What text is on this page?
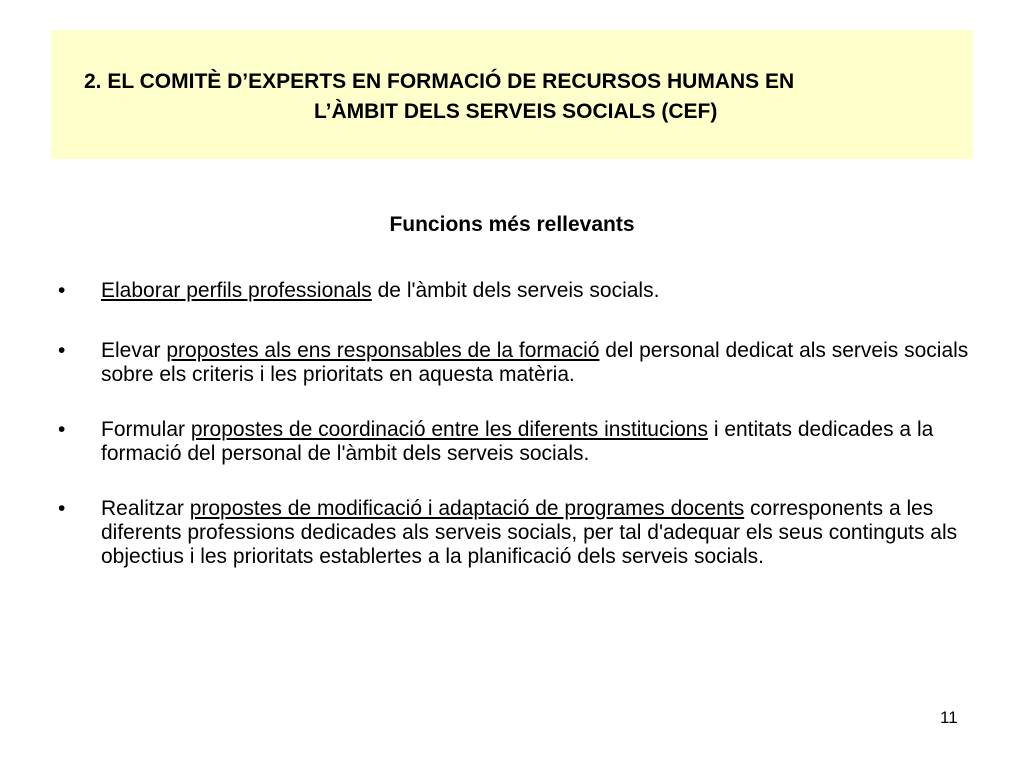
2. EL COMITÈ D’EXPERTS EN FORMACIÓ DE RECURSOS HUMANS EN
L’ÀMBIT DELS SERVEIS SOCIALS (CEF)
Funcions més rellevants
• Elaborar perfils professionals de l'àmbit dels serveis socials.
• Elevar propostes als ens responsables de la formació del personal dedicat als serveis socials sobre els criteris i les prioritats en aquesta matèria.
• Formular propostes de coordinació entre les diferents institucions i entitats dedicades a la formació del personal de l'àmbit dels serveis socials.
• Realitzar propostes de modificació i adaptació de programes docents corresponents a les diferents professions dedicades als serveis socials, per tal d'adequar els seus continguts als objectius i les prioritats establertes a la planificació dels serveis socials.
11
